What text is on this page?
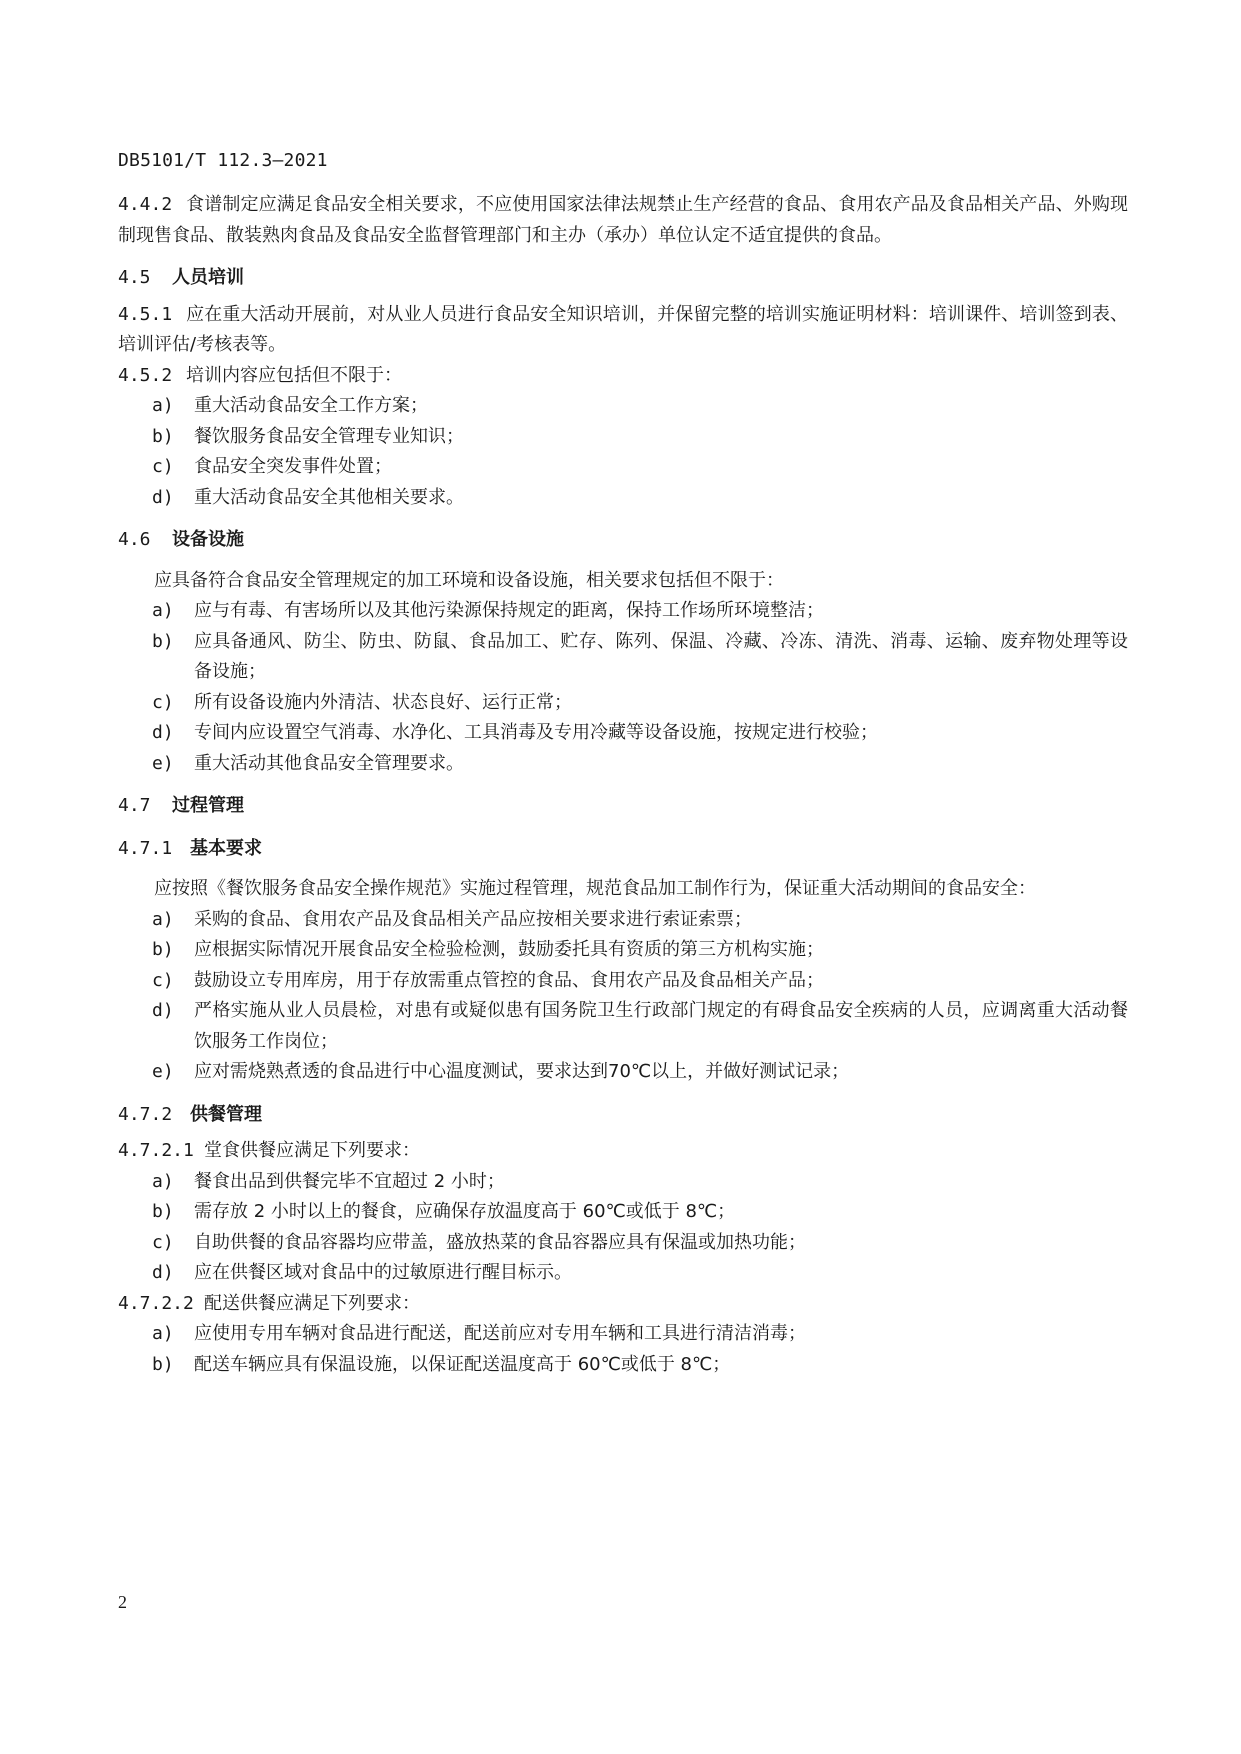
DB5101/T 112.3—2021

4.4.2 食谱制定应满足食品安全相关要求，不应使用国家法律法规禁止生产经营的食品、食用农产品及食品相关产品、外购现制现售食品、散装熟肉食品及食品安全监督管理部门和主办（承办）单位认定不适宜提供的食品。

4.5 人员培训

4.5.1 应在重大活动开展前，对从业人员进行食品安全知识培训，并保留完整的培训实施证明材料：培训课件、培训签到表、培训评估/考核表等。

4.5.2 培训内容应包括但不限于：

a)	重大活动食品安全工作方案；
b)	餐饮服务食品安全管理专业知识；
c)	食品安全突发事件处置；
d)	重大活动食品安全其他相关要求。
4.6 设备设施

应具备符合食品安全管理规定的加工环境和设备设施，相关要求包括但不限于：

a)	应与有毒、有害场所以及其他污染源保持规定的距离，保持工作场所环境整洁；
b)	应具备通风、防尘、防虫、防鼠、食品加工、贮存、陈列、保温、冷藏、冷冻、清洗、消毒、运输、废弃物处理等设备设施；
c)	所有设备设施内外清洁、状态良好、运行正常；
d)	专间内应设置空气消毒、水净化、工具消毒及专用冷藏等设备设施，按规定进行校验；
e)	重大活动其他食品安全管理要求。
4.7 过程管理
4.7.1 基本要求

应按照《餐饮服务食品安全操作规范》实施过程管理，规范食品加工制作行为，保证重大活动期间的食品安全：

a)	采购的食品、食用农产品及食品相关产品应按相关要求进行索证索票；
b)	应根据实际情况开展食品安全检验检测，鼓励委托具有资质的第三方机构实施；
c)	鼓励设立专用库房，用于存放需重点管控的食品、食用农产品及食品相关产品；
d)	严格实施从业人员晨检，对患有或疑似患有国务院卫生行政部门规定的有碍食品安全疾病的人员，应调离重大活动餐饮服务工作岗位；
e)	应对需烧熟煮透的食品进行中心温度测试，要求达到70℃以上，并做好测试记录；
4.7.2 供餐管理

4.7.2.1 堂食供餐应满足下列要求：

a)	餐食出品到供餐完毕不宜超过 2 小时；
b)	需存放 2 小时以上的餐食，应确保存放温度高于 60℃或低于 8℃；
c)	自助供餐的食品容器均应带盖，盛放热菜的食品容器应具有保温或加热功能；
d)	应在供餐区域对食品中的过敏原进行醒目标示。

4.7.2.2 配送供餐应满足下列要求：

a)	应使用专用车辆对食品进行配送，配送前应对专用车辆和工具进行清洁消毒；
b)	配送车辆应具有保温设施，以保证配送温度高于 60℃或低于 8℃；
2
